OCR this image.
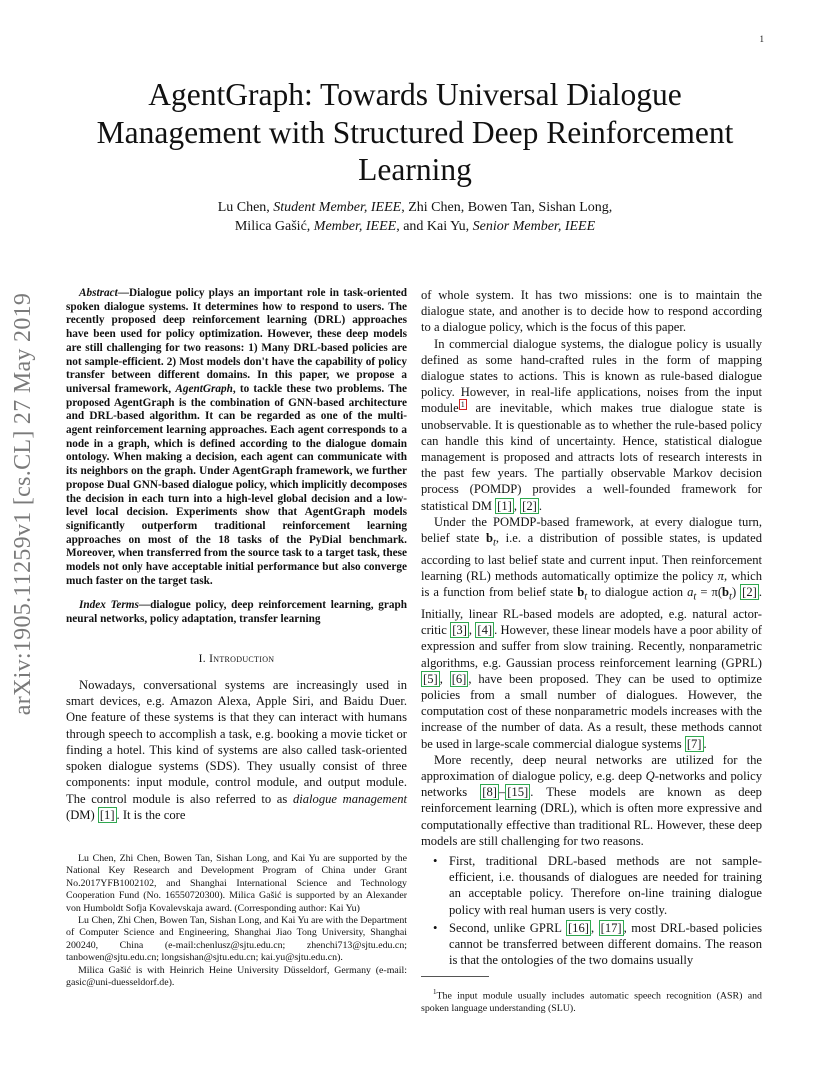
1
arXiv:1905.11259v1 [cs.CL] 27 May 2019
AgentGraph: Towards Universal Dialogue Management with Structured Deep Reinforcement Learning
Lu Chen, Student Member, IEEE, Zhi Chen, Bowen Tan, Sishan Long,
Milica Gašić, Member, IEEE, and Kai Yu, Senior Member, IEEE
Abstract—Dialogue policy plays an important role in task-oriented spoken dialogue systems. It determines how to respond to users. The recently proposed deep reinforcement learning (DRL) approaches have been used for policy optimization. However, these deep models are still challenging for two reasons: 1) Many DRL-based policies are not sample-efficient. 2) Most models don't have the capability of policy transfer between different domains. In this paper, we propose a universal framework, AgentGraph, to tackle these two problems. The proposed AgentGraph is the combination of GNN-based architecture and DRL-based algorithm. It can be regarded as one of the multi-agent reinforcement learning approaches. Each agent corresponds to a node in a graph, which is defined according to the dialogue domain ontology. When making a decision, each agent can communicate with its neighbors on the graph. Under AgentGraph framework, we further propose Dual GNN-based dialogue policy, which implicitly decomposes the decision in each turn into a high-level global decision and a low-level local decision. Experiments show that AgentGraph models significantly outperform traditional reinforcement learning approaches on most of the 18 tasks of the PyDial benchmark. Moreover, when transferred from the source task to a target task, these models not only have acceptable initial performance but also converge much faster on the target task.
Index Terms—dialogue policy, deep reinforcement learning, graph neural networks, policy adaptation, transfer learning
I. Introduction

Nowadays, conversational systems are increasingly used in smart devices, e.g. Amazon Alexa, Apple Siri, and Baidu Duer. One feature of these systems is that they can interact with humans through speech to accomplish a task, e.g. booking a movie ticket or finding a hotel. This kind of systems are also called task-oriented spoken dialogue systems (SDS). They usually consist of three components: input module, control module, and output module. The control module is also referred to as dialogue management (DM) [1] . It is the core

Lu Chen, Zhi Chen, Bowen Tan, Sishan Long, and Kai Yu are supported by the National Key Research and Development Program of China under Grant No.2017YFB1002102, and Shanghai International Science and Technology Cooperation Fund (No. 16550720300). Milica Gašić is supported by an Alexander von Humboldt Sofja Kovalevskaja award. (Corresponding author: Kai Yu)

Lu Chen, Zhi Chen, Bowen Tan, Sishan Long, and Kai Yu are with the Department of Computer Science and Engineering, Shanghai Jiao Tong University, Shanghai 200240, China (e-mail:chenlusz@sjtu.edu.cn; zhenchi713@sjtu.edu.cn; tanbowen@sjtu.edu.cn; longsishan@sjtu.edu.cn; kai.yu@sjtu.edu.cn).

Milica Gašić is with Heinrich Heine University Düsseldorf, Germany (e-mail: gasic@uni-duesseldorf.de).

of whole system. It has two missions: one is to maintain the dialogue state, and another is to decide how to respond according to a dialogue policy, which is the focus of this paper.

In commercial dialogue systems, the dialogue policy is usually defined as some hand-crafted rules in the form of mapping dialogue states to actions. This is known as rule-based dialogue policy. However, in real-life applications, noises from the input module $^1$ are inevitable, which makes true dialogue state is unobservable. It is questionable as to whether the rule-based policy can handle this kind of uncertainty. Hence, statistical dialogue management is proposed and attracts lots of research interests in the past few years. The partially observable Markov decision process (POMDP) provides a well-founded framework for statistical DM [1] , [2] .

Under the POMDP-based framework, at every dialogue turn, belief state $b_t$, i.e. a distribution of possible states, is updated according to last belief state and current input. Then reinforcement learning (RL) methods automatically optimize the policy π, which is a function from belief state $b_t$ to dialogue action $a_t = \pi(b_t)$ [2] . Initially, linear RL-based models are adopted, e.g. natural actor-critic [3] , [4] . However, these linear models have a poor ability of expression and suffer from slow training. Recently, nonparametric algorithms, e.g. Gaussian process reinforcement learning (GPRL) [5] , [6] , have been proposed. They can be used to optimize policies from a small number of dialogues. However, the computation cost of these nonparametric models increases with the increase of the number of data. As a result, these methods cannot be used in large-scale commercial dialogue systems [7] .

More recently, deep neural networks are utilized for the approximation of dialogue policy, e.g. deep Q-networks and policy networks [8] – [15] . These models are known as deep reinforcement learning (DRL), which is often more expressive and computationally effective than traditional RL. However, these deep models are still challenging for two reasons.

• First, traditional DRL-based methods are not sample-efficient, i.e. thousands of dialogues are needed for training an acceptable policy. Therefore on-line training dialogue policy with real human users is very costly.
• Second, unlike GPRL [16] , [17] , most DRL-based policies cannot be transferred between different domains. The reason is that the ontologies of the two domains usually
$^1$The input module usually includes automatic speech recognition (ASR) and spoken language understanding (SLU).
